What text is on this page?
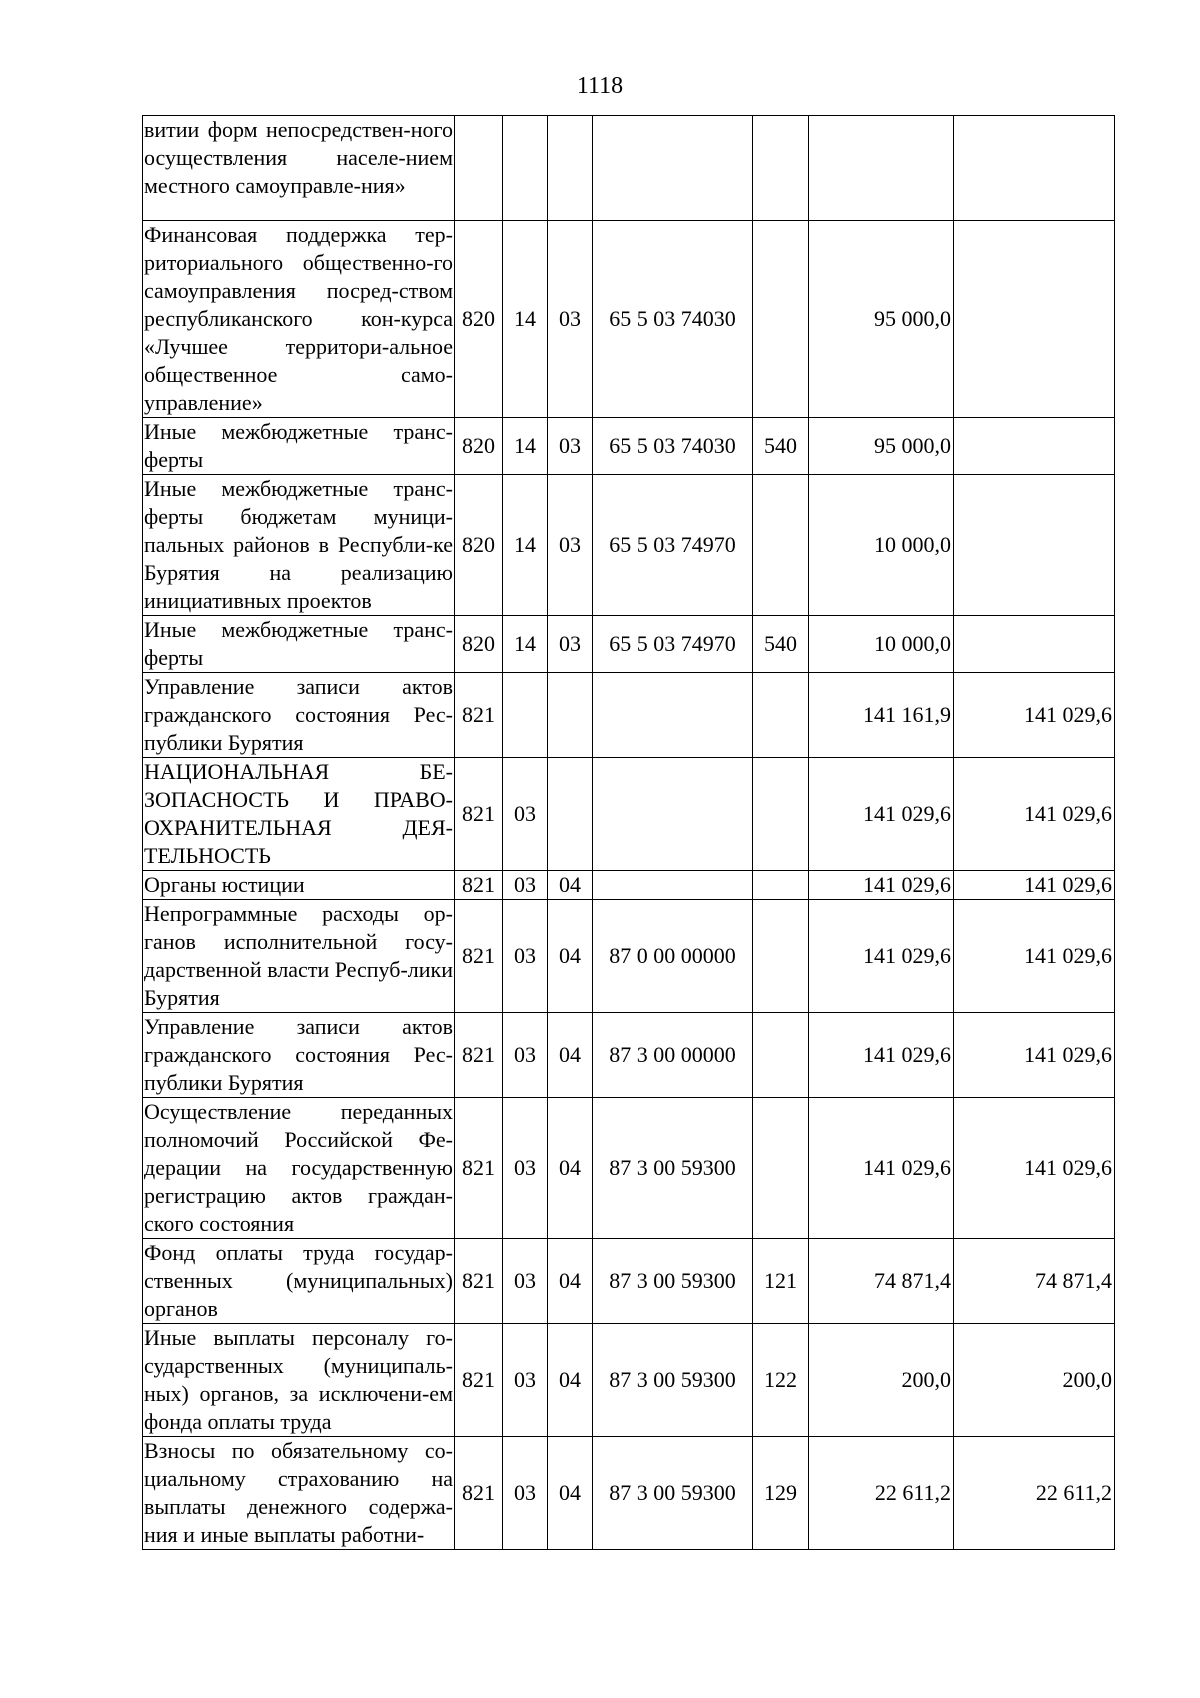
1118
витии форм непосредствен-ного осуществления населе-нием местного самоуправле-ния»							
Финансовая поддержка тер-риториального общественно-го самоуправления посред-ством республиканского кон-курса «Лучшее территори-альное общественное само-управление»	820	14	03	65 5 03 74030		95 000,0	
Иные межбюджетные транс-ферты	820	14	03	65 5 03 74030	540	95 000,0	
Иные межбюджетные транс-ферты бюджетам муници-пальных районов в Республи-ке Бурятия на реализацию инициативных проектов	820	14	03	65 5 03 74970		10 000,0	
Иные межбюджетные транс-ферты	820	14	03	65 5 03 74970	540	10 000,0	
Управление записи актов гражданского состояния Рес-публики Бурятия	821					141 161,9	141 029,6
НАЦИОНАЛЬНАЯ БЕ-ЗОПАСНОСТЬ И ПРАВО-ОХРАНИТЕЛЬНАЯ ДЕЯ-ТЕЛЬНОСТЬ	821	03				141 029,6	141 029,6
Органы юстиции	821	03	04			141 029,6	141 029,6
Непрограммные расходы ор-ганов исполнительной госу-дарственной власти Респуб-лики Бурятия	821	03	04	87 0 00 00000		141 029,6	141 029,6
Управление записи актов гражданского состояния Рес-публики Бурятия	821	03	04	87 3 00 00000		141 029,6	141 029,6
Осуществление переданных полномочий Российской Фе-дерации на государственную регистрацию актов граждан-ского состояния	821	03	04	87 3 00 59300		141 029,6	141 029,6
Фонд оплаты труда государ-ственных (муниципальных) органов	821	03	04	87 3 00 59300	121	74 871,4	74 871,4
Иные выплаты персоналу го-сударственных (муниципаль-ных) органов, за исключени-ем фонда оплаты труда	821	03	04	87 3 00 59300	122	200,0	200,0
Взносы по обязательному со-циальному страхованию на выплаты денежного содержа-ния и иные выплаты работни-	821	03	04	87 3 00 59300	129	22 611,2	22 611,2
